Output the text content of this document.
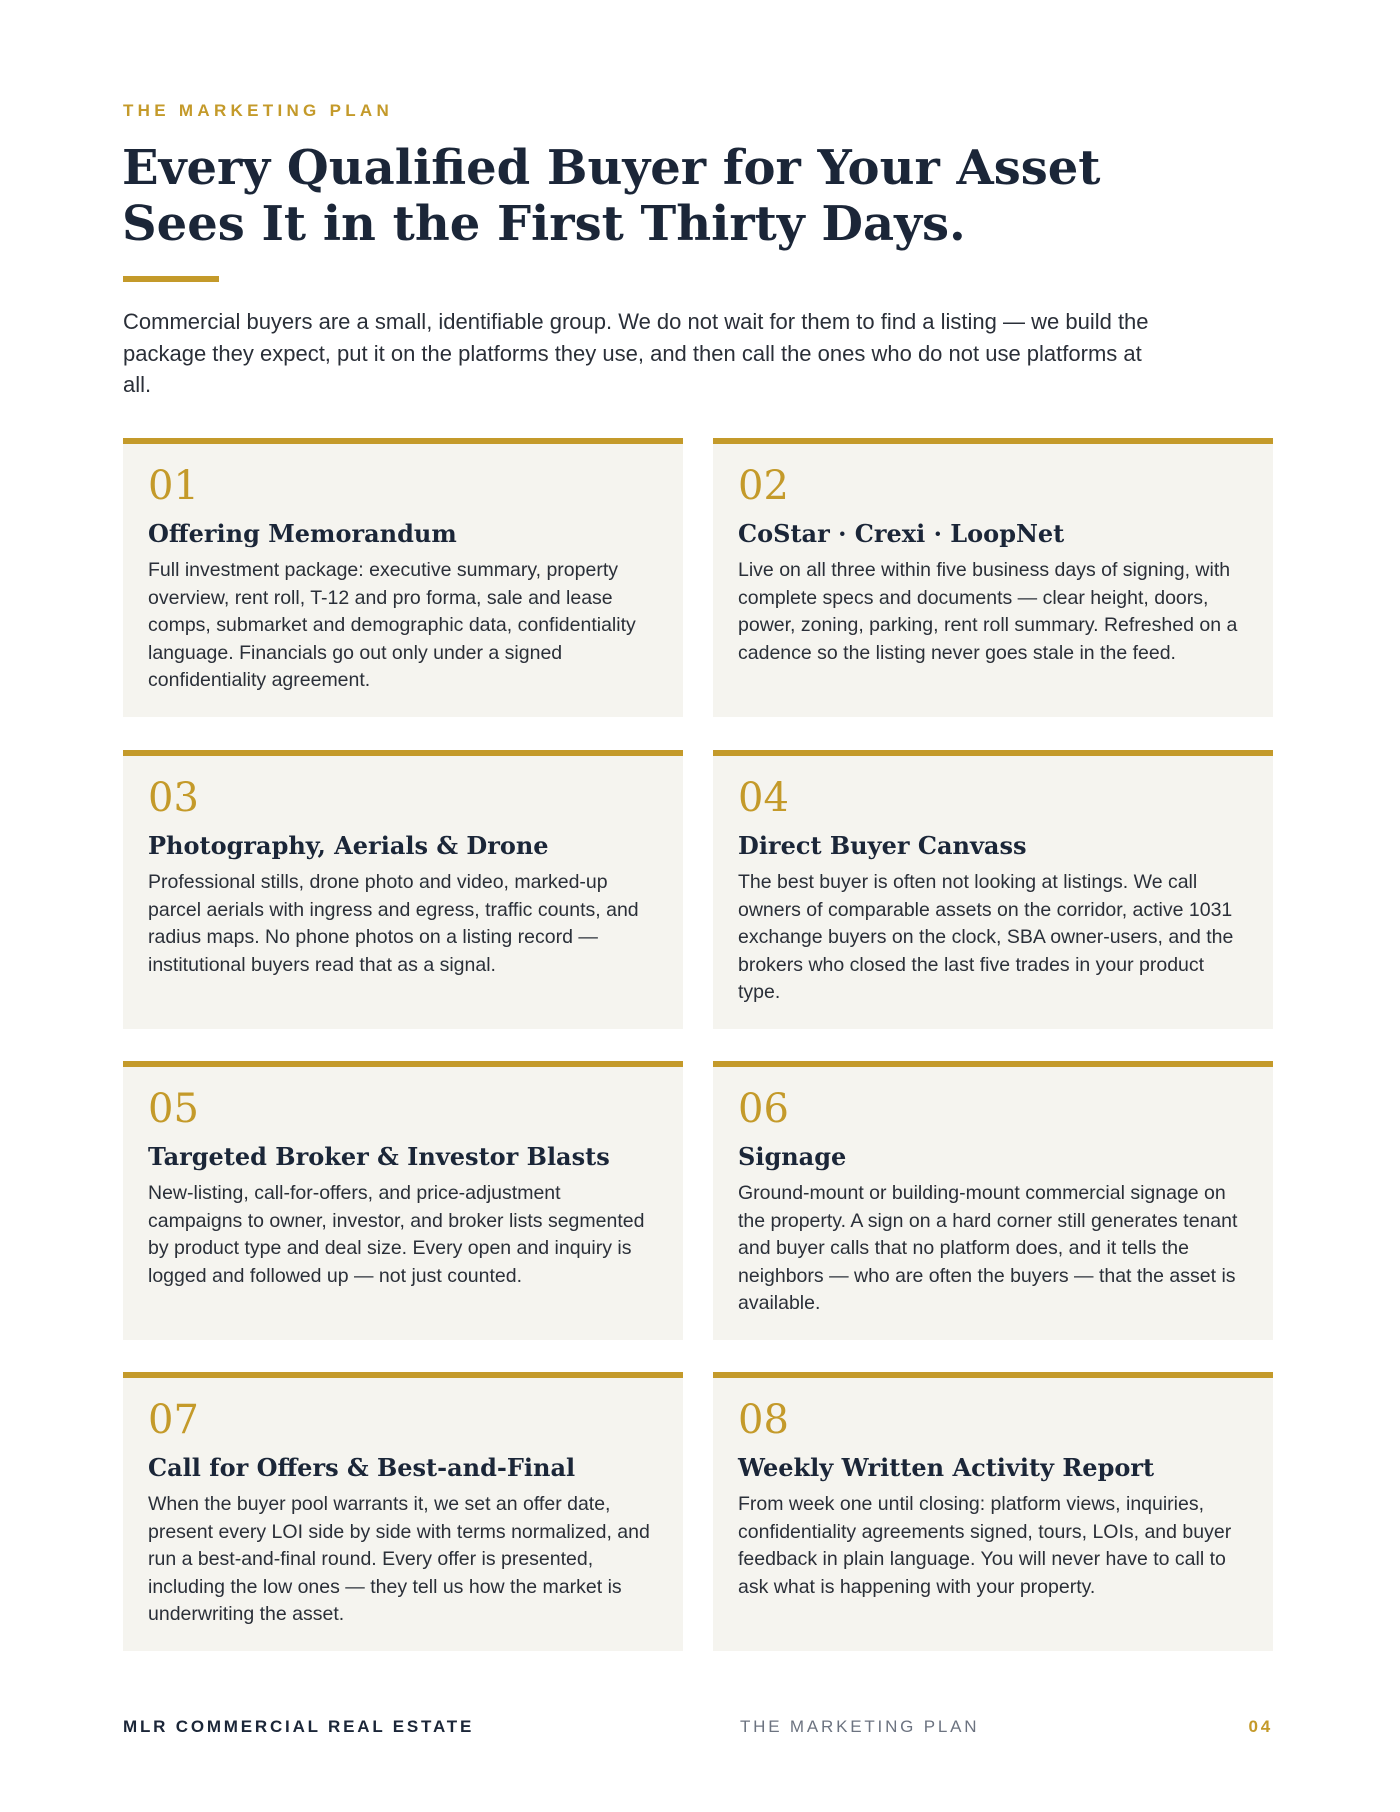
THE MARKETING PLAN
Every Qualified Buyer for Your Asset
Sees It in the First Thirty Days.

Commercial buyers are a small, identifiable group. We do not wait for them to find a listing — we build the package they expect, put it on the platforms they use, and then call the ones who do not use platforms at all.

01
Offering Memorandum
Full investment package: executive summary, property overview, rent roll, T-12 and pro forma, sale and lease comps, submarket and demographic data, confidentiality language. Financials go out only under a signed confidentiality agreement.
02
CoStar · Crexi · LoopNet
Live on all three within five business days of signing, with complete specs and documents — clear height, doors, power, zoning, parking, rent roll summary. Refreshed on a cadence so the listing never goes stale in the feed.
03
Photography, Aerials & Drone
Professional stills, drone photo and video, marked-up parcel aerials with ingress and egress, traffic counts, and radius maps. No phone photos on a listing record — institutional buyers read that as a signal.
04
Direct Buyer Canvass
The best buyer is often not looking at listings. We call owners of comparable assets on the corridor, active 1031 exchange buyers on the clock, SBA owner-users, and the brokers who closed the last five trades in your product type.
05
Targeted Broker & Investor Blasts
New-listing, call-for-offers, and price-adjustment campaigns to owner, investor, and broker lists segmented by product type and deal size. Every open and inquiry is logged and followed up — not just counted.
06
Signage
Ground-mount or building-mount commercial signage on the property. A sign on a hard corner still generates tenant and buyer calls that no platform does, and it tells the neighbors — who are often the buyers — that the asset is available.
07
Call for Offers & Best-and-Final
When the buyer pool warrants it, we set an offer date, present every LOI side by side with terms normalized, and run a best-and-final round. Every offer is presented, including the low ones — they tell us how the market is underwriting the asset.
08
Weekly Written Activity Report
From week one until closing: platform views, inquiries, confidentiality agreements signed, tours, LOIs, and buyer feedback in plain language. You will never have to call to ask what is happening with your property.
MLR COMMERCIAL REAL ESTATE	THE MARKETING PLAN	04
